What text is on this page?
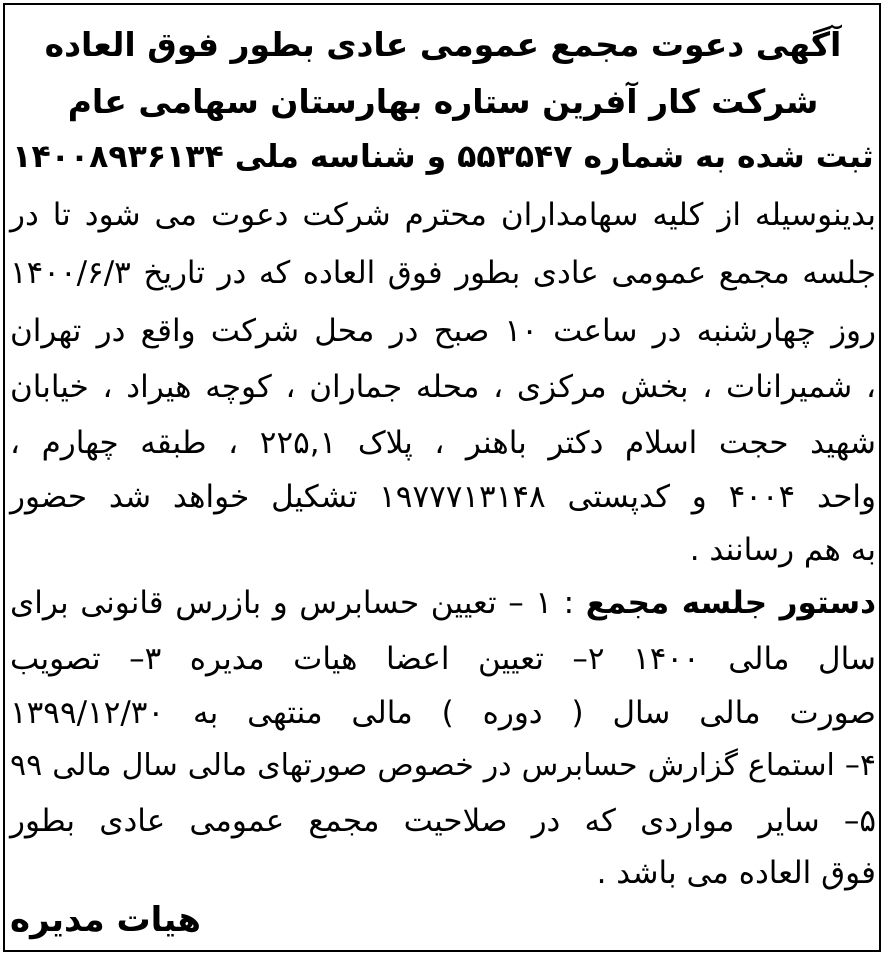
آگهی دعوت مجمع عمومی عادی بطور فوق العاده
شرکت کار آفرین ستاره بهارستان سهامی عام
ثبت شده به شماره ۵۵۳۵۴۷ و شناسه ملی ۱۴۰۰۸۹۳۶۱۳۴
بدینوسیله از کلیه سهامداران محترم شرکت دعوت می شود تا در
جلسه مجمع عمومی عادی بطور فوق العاده که در تاریخ ۱۴۰۰/۶/۳
روز چهارشنبه در ساعت ۱۰ صبح در محل شرکت واقع در تهران
، شمیرانات ، بخش مرکزی ، محله جماران ، کوچه هیراد ، خیابان
شهید حجت اسلام دکتر باهنر ، پلاک ۲۲۵,۱ ، طبقه چهارم ،
واحد ۴۰۰۴ و کدپستی ۱۹۷۷۷۱۳۱۴۸ تشکیل خواهد شد حضور
به هم رسانند .
دستور جلسه مجمع : ۱ – تعیین حسابرس و بازرس قانونی برای
سال مالی ۱۴۰۰ ۲– تعیین اعضا هیات مدیره ۳– تصویب
صورت مالی سال ( دوره ) مالی منتهی به ۱۳۹۹/۱۲/۳۰
۴– استماع گزارش حسابرس در خصوص صورتهای مالی سال مالی ۹۹
۵– سایر مواردی که در صلاحیت مجمع عمومی عادی بطور
فوق العاده می باشد .
هیات مدیره
